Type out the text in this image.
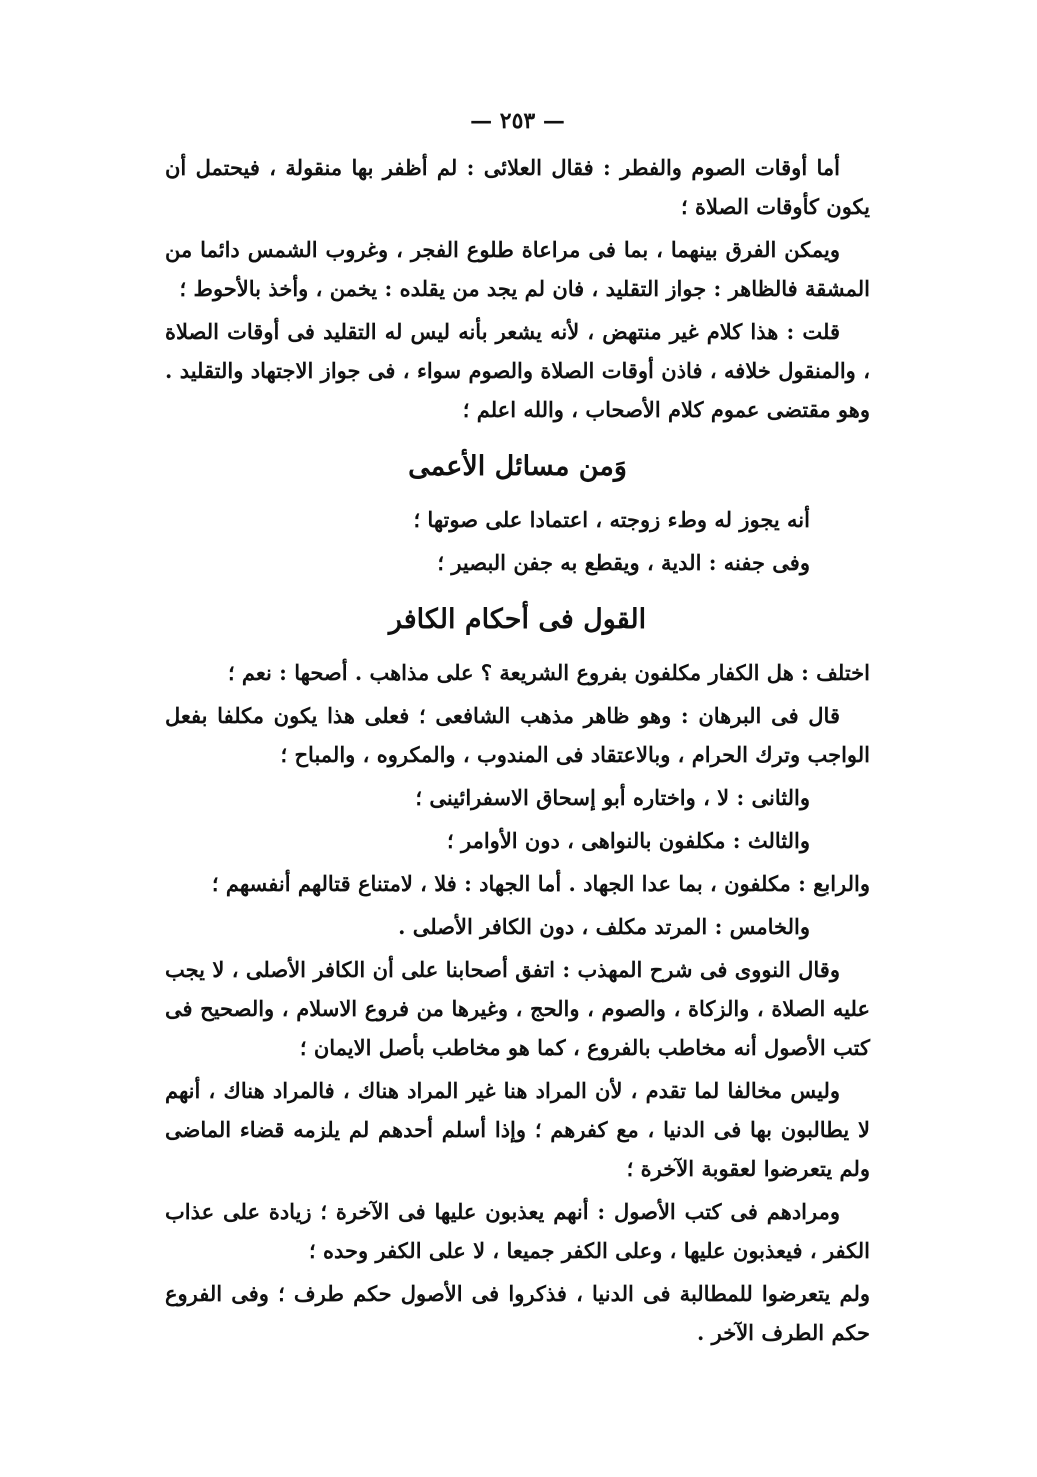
— ٢٥٣ —

أما أوقات الصوم والفطر : فقال العلائى : لم أظفر بها منقولة ، فيحتمل أن يكون كأوقات الصلاة ؛

ويمكن الفرق بينهما ، بما فى مراعاة طلوع الفجر ، وغروب الشمس دائما من المشقة فالظاهر : جواز التقليد ، فان لم يجد من يقلده : يخمن ، وأخذ بالأحوط ؛

قلت : هذا كلام غير منتهض ، لأنه يشعر بأنه ليس له التقليد فى أوقات الصلاة ، والمنقول خلافه ، فاذن أوقات الصلاة والصوم سواء ، فى جواز الاجتهاد والتقليد . وهو مقتضى عموم كلام الأصحاب ، والله اعلم ؛

وَمن مسائل الأعمى

أنه يجوز له وطء زوجته ، اعتمادا على صوتها ؛

وفى جفنه : الدية ، ويقطع به جفن البصير ؛

القول فى أحكام الكافر

اختلف : هل الكفار مكلفون بفروع الشريعة ؟ على مذاهب . أصحها : نعم ؛

قال فى البرهان : وهو ظاهر مذهب الشافعى ؛ فعلى هذا يكون مكلفا بفعل الواجب وترك الحرام ، وبالاعتقاد فى المندوب ، والمكروه ، والمباح ؛

والثانى : لا ، واختاره أبو إسحاق الاسفرائينى ؛

والثالث : مكلفون بالنواهى ، دون الأوامر ؛

والرابع : مكلفون ، بما عدا الجهاد . أما الجهاد : فلا ، لامتناع قتالهم أنفسهم ؛

والخامس : المرتد مكلف ، دون الكافر الأصلى .

وقال النووى فى شرح المهذب : اتفق أصحابنا على أن الكافر الأصلى ، لا يجب عليه الصلاة ، والزكاة ، والصوم ، والحج ، وغيرها من فروع الاسلام ، والصحيح فى كتب الأصول أنه مخاطب بالفروع ، كما هو مخاطب بأصل الايمان ؛

وليس مخالفا لما تقدم ، لأن المراد هنا غير المراد هناك ، فالمراد هناك ، أنهم لا يطالبون بها فى الدنيا ، مع كفرهم ؛ وإذا أسلم أحدهم لم يلزمه قضاء الماضى ولم يتعرضوا لعقوبة الآخرة ؛

ومرادهم فى كتب الأصول : أنهم يعذبون عليها فى الآخرة ؛ زيادة على عذاب الكفر ، فيعذبون عليها ، وعلى الكفر جميعا ، لا على الكفر وحده ؛

ولم يتعرضوا للمطالبة فى الدنيا ، فذكروا فى الأصول حكم طرف ؛ وفى الفروع حكم الطرف الآخر .
